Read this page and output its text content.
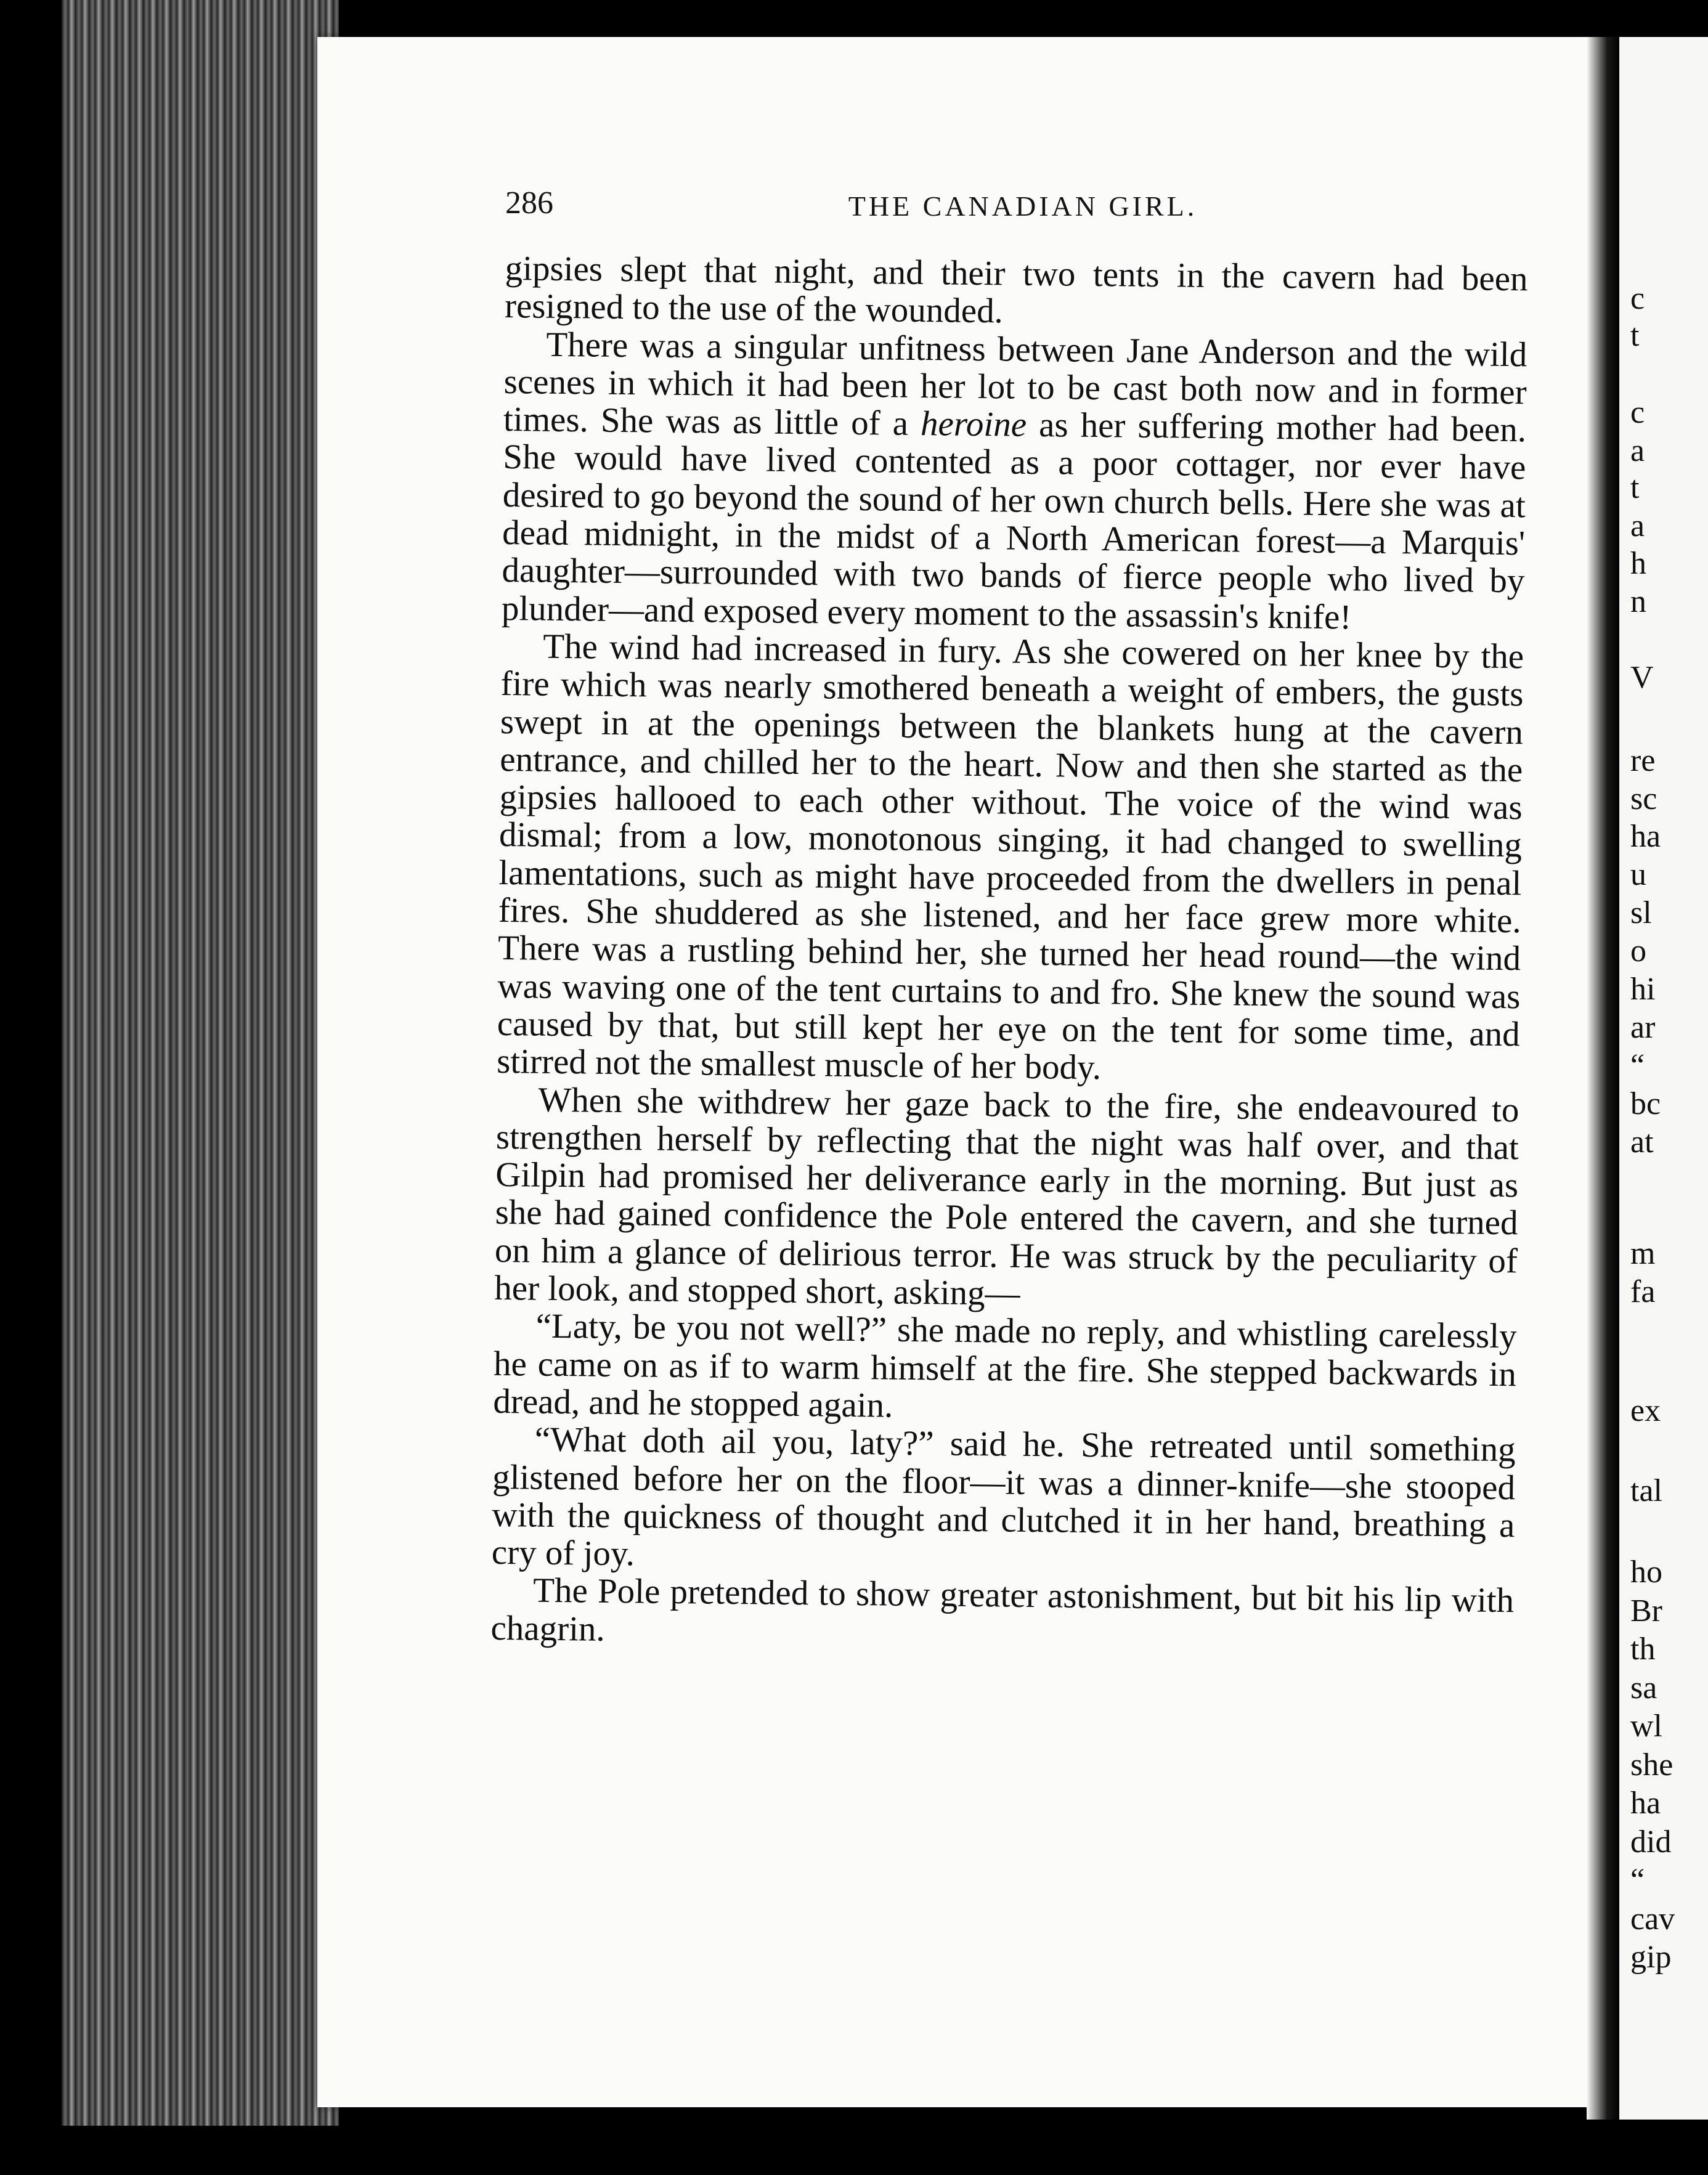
286	THE CANADIAN GIRL.

gipsies slept that night, and their two tents in the cavern had been resigned to the use of the wounded.

There was a singular unfitness between Jane Anderson and the wild scenes in which it had been her lot to be cast both now and in former times. She was as little of a heroine as her suffering mother had been. She would have lived contented as a poor cottager, nor ever have desired to go beyond the sound of her own church bells. Here she was at dead midnight, in the midst of a North American forest—a Marquis' daughter—surrounded with two bands of fierce people who lived by plunder—and exposed every moment to the assassin's knife!

The wind had increased in fury. As she cowered on her knee by the fire which was nearly smothered beneath a weight of embers, the gusts swept in at the openings between the blankets hung at the cavern entrance, and chilled her to the heart. Now and then she started as the gipsies hallooed to each other without. The voice of the wind was dismal; from a low, monotonous singing, it had changed to swelling lamentations, such as might have proceeded from the dwellers in penal fires. She shuddered as she listened, and her face grew more white. There was a rustling behind her, she turned her head round—the wind was waving one of the tent curtains to and fro. She knew the sound was caused by that, but still kept her eye on the tent for some time, and stirred not the smallest muscle of her body.

When she withdrew her gaze back to the fire, she endeavoured to strengthen herself by reflecting that the night was half over, and that Gilpin had promised her deliverance early in the morning. But just as she had gained confidence the Pole entered the cavern, and she turned on him a glance of delirious terror. He was struck by the peculiarity of her look, and stopped short, asking—

“Laty, be you not well?” she made no reply, and whistling carelessly he came on as if to warm himself at the fire. She stepped backwards in dread, and he stopped again.

“What doth ail you, laty?” said he. She retreated until something glistened before her on the floor—it was a dinner-knife—she stooped with the quickness of thought and clutched it in her hand, breathing a cry of joy.

The Pole pretended to show greater astonishment, but bit his lip with chagrin.

c
t
c
a
t
a
h
n
V
re
sc
ha
u
sl
o
hi
ar
“
bc
at
m
fa
ex
tal
ho
Br
th
sa
wl
she
ha
did
“
cav
gip
